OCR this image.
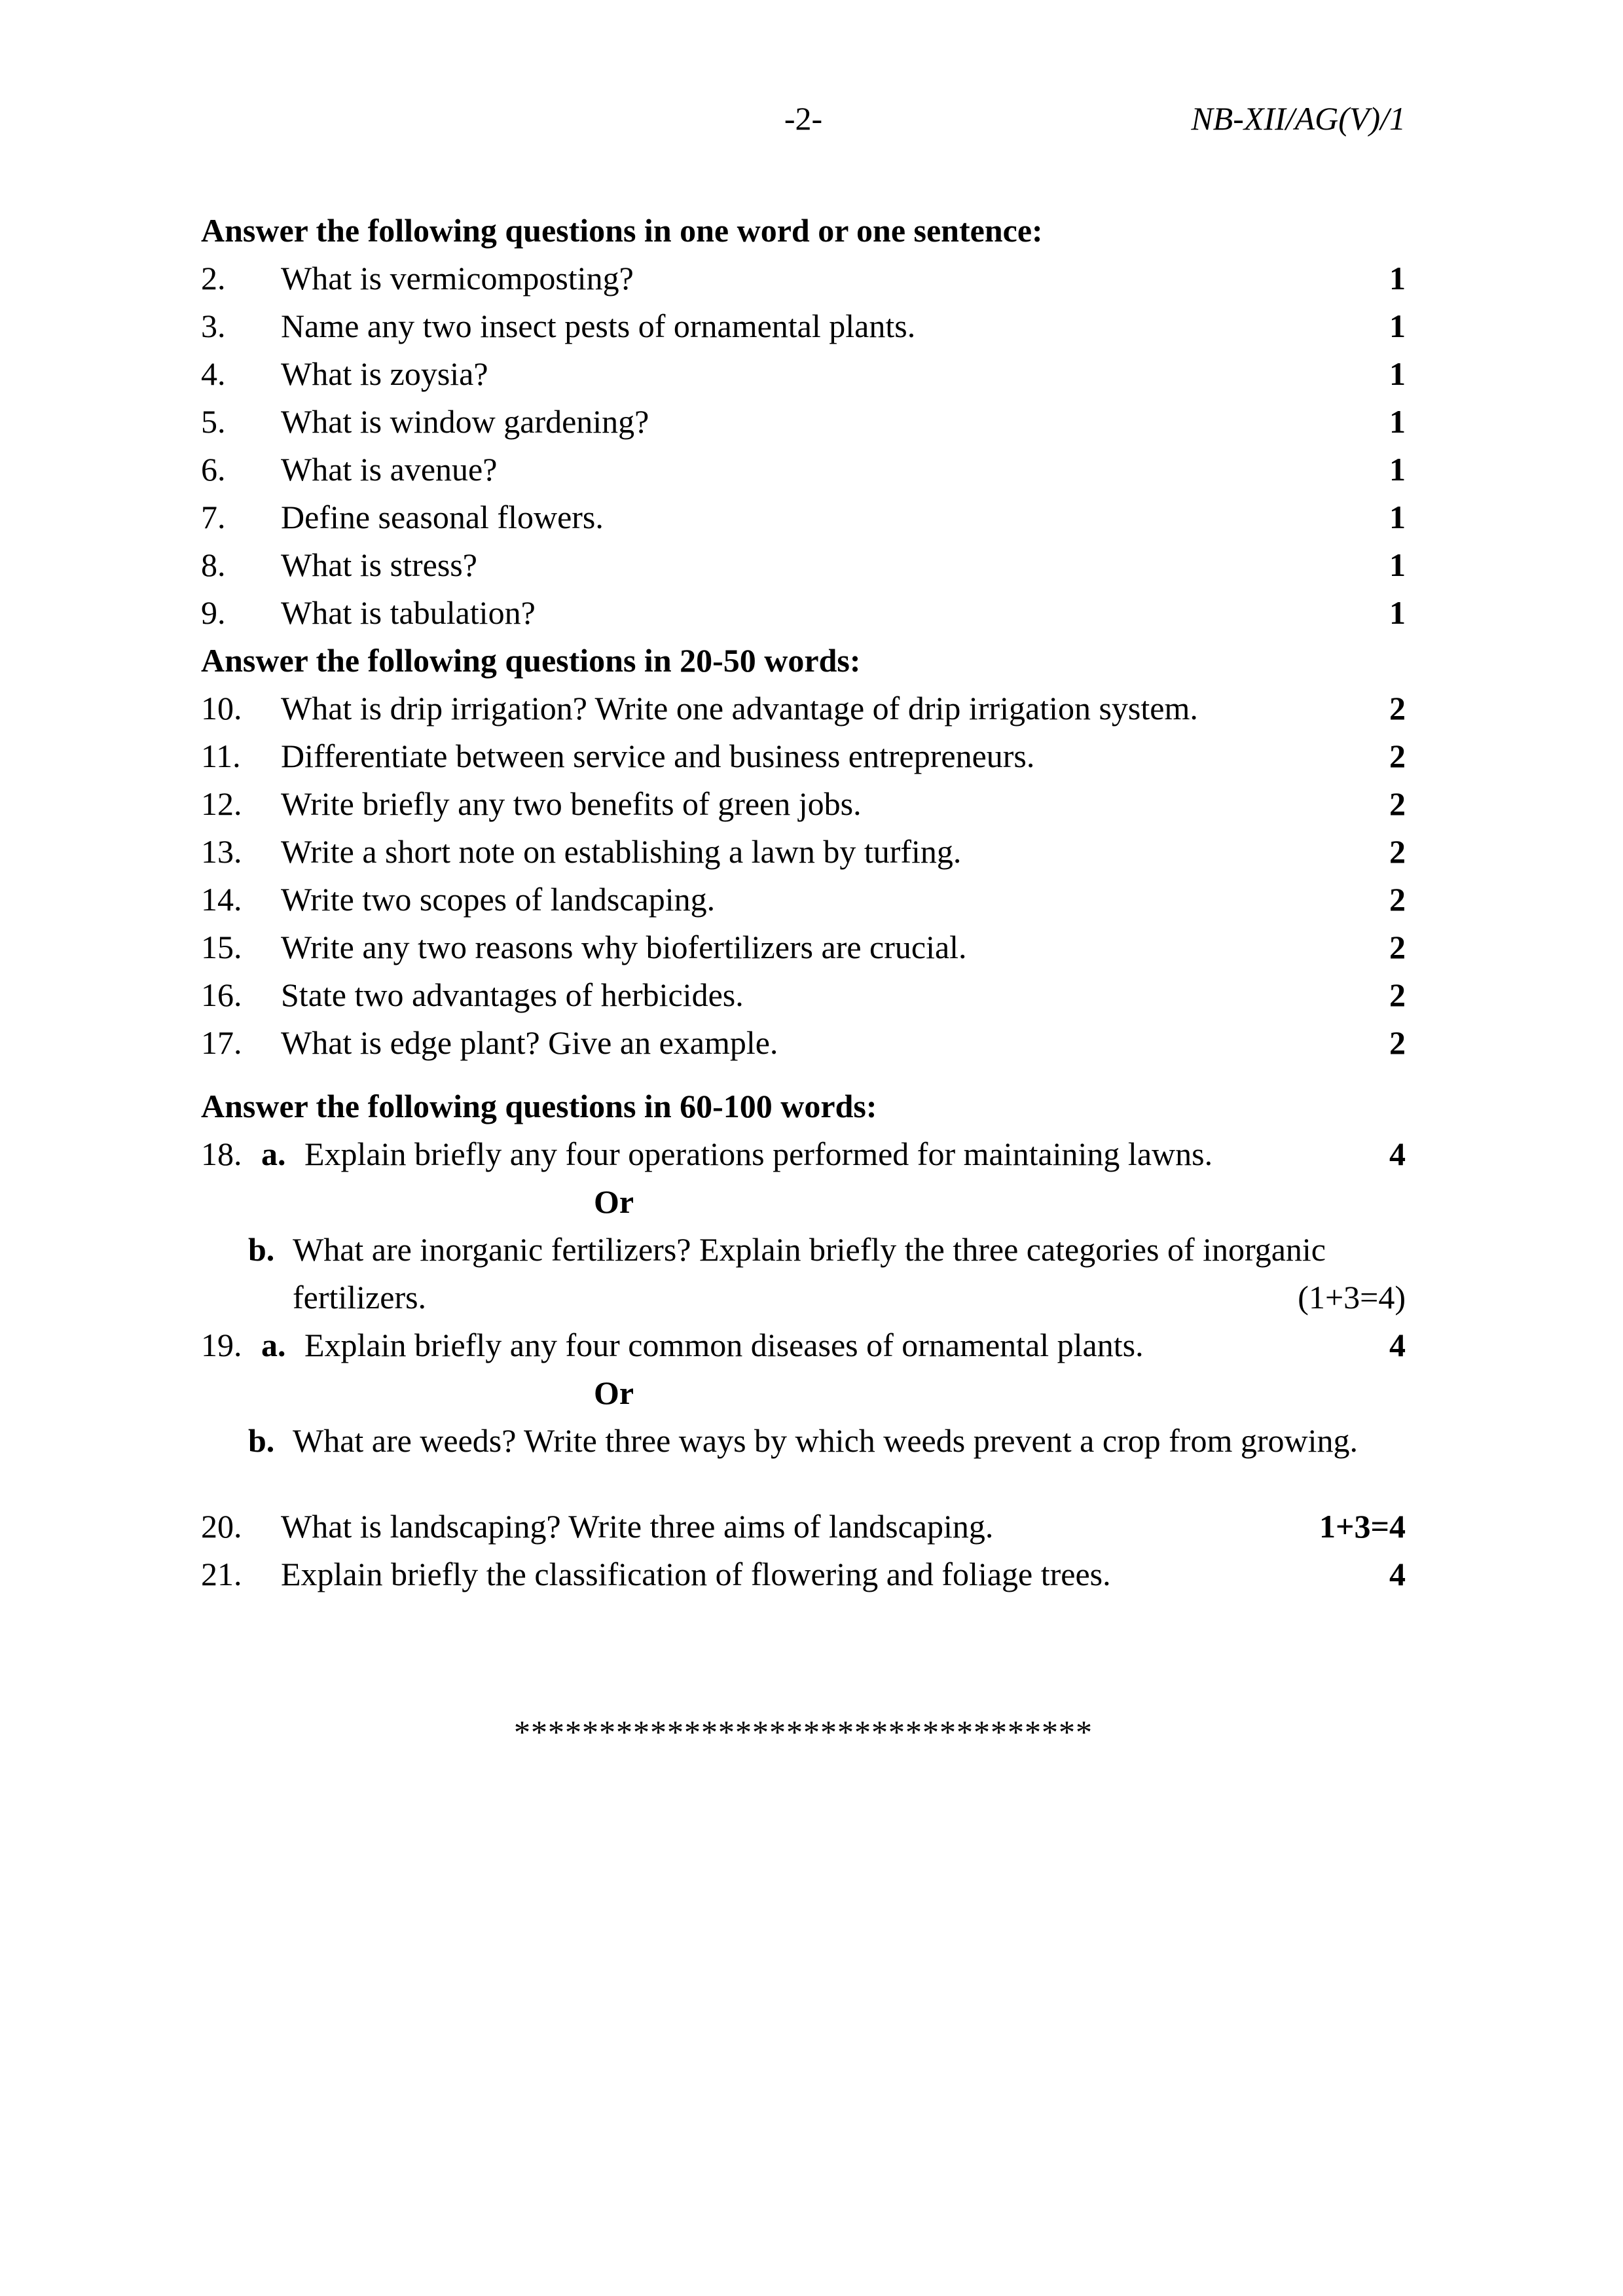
-2-	NB-XII/AG(V)/1
Answer the following questions in one word or one sentence:
2. What is vermicomposting?	1
3. Name any two insect pests of ornamental plants.	1
4. What is zoysia?	1
5. What is window gardening?	1
6. What is avenue?	1
7. Define seasonal flowers.	1
8. What is stress?	1
9. What is tabulation?	1
Answer the following questions in 20-50 words:
10. What is drip irrigation? Write one advantage of drip irrigation system.	2
11. Differentiate between service and business entrepreneurs.	2
12. Write briefly any two benefits of green jobs.	2
13. Write a short note on establishing a lawn by turfing.	2
14. Write two scopes of landscaping.	2
15. Write any two reasons why biofertilizers are crucial.	2
16. State two advantages of herbicides.	2
17. What is edge plant? Give an example.	2
Answer the following questions in 60-100 words:
18. a. Explain briefly any four operations performed for maintaining lawns.	4
Or
b. What are inorganic fertilizers? Explain briefly the three categories of inorganic fertilizers.	(1+3=4)
19. a. Explain briefly any four common diseases of ornamental plants.	4
Or
b. What are weeds? Write three ways by which weeds prevent a crop from growing.
20. What is landscaping? Write three aims of landscaping.	1+3=4
21. Explain briefly the classification of flowering and foliage trees.	4
**********************************
